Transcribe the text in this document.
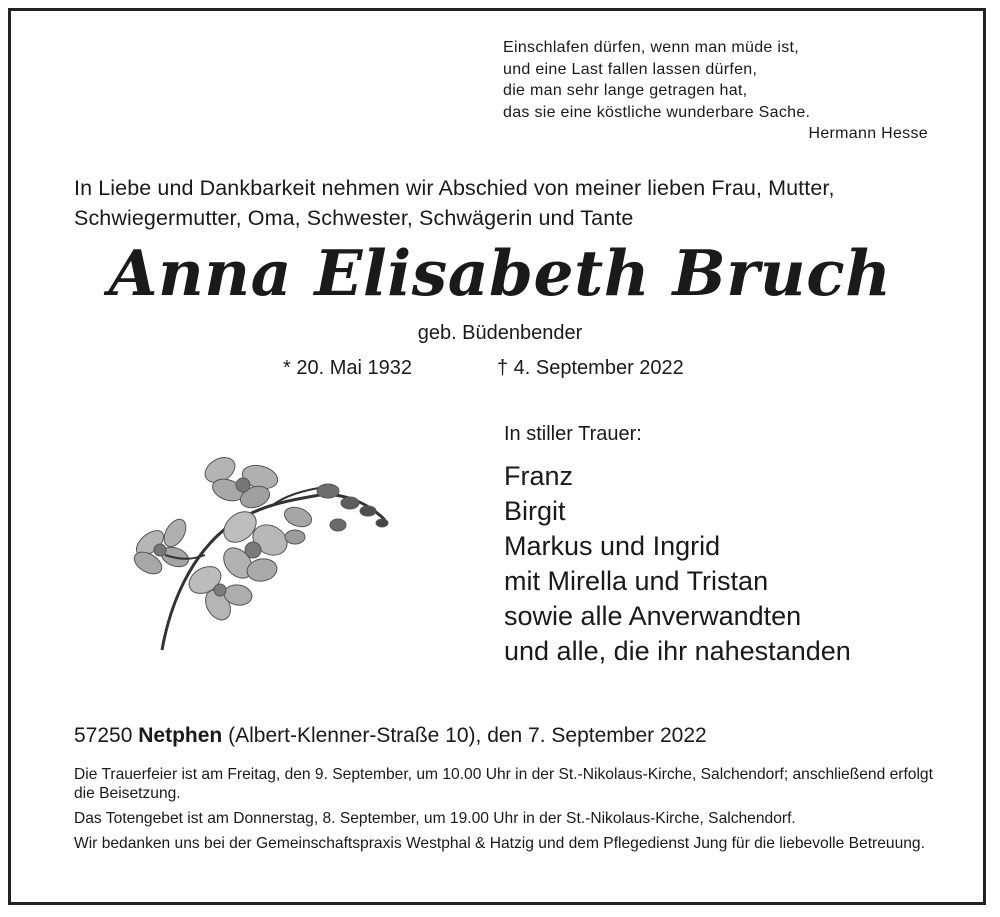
Einschlafen dürfen, wenn man müde ist,
und eine Last fallen lassen dürfen,
die man sehr lange getragen hat,
das sie eine köstliche wunderbare Sache.
Hermann Hesse
In Liebe und Dankbarkeit nehmen wir Abschied von meiner lieben Frau, Mutter,
Schwiegermutter, Oma, Schwester, Schwägerin und Tante
Anna Elisabeth Bruch
geb. Büdenbender
* 20. Mai 1932	† 4. September 2022
In stiller Trauer:
Franz
Birgit
Markus und Ingrid
mit Mirella und Tristan
sowie alle Anverwandten
und alle, die ihr nahestanden
57250 Netphen (Albert-Klenner-Straße 10), den 7. September 2022

Die Trauerfeier ist am Freitag, den 9. September, um 10.00 Uhr in der St.-Nikolaus-Kirche, Salchendorf; anschließend erfolgt die Beisetzung.

Das Totengebet ist am Donnerstag, 8. September, um 19.00 Uhr in der St.-Nikolaus-Kirche, Salchendorf.

Wir bedanken uns bei der Gemeinschaftspraxis Westphal & Hatzig und dem Pflegedienst Jung für die liebevolle Betreuung.
